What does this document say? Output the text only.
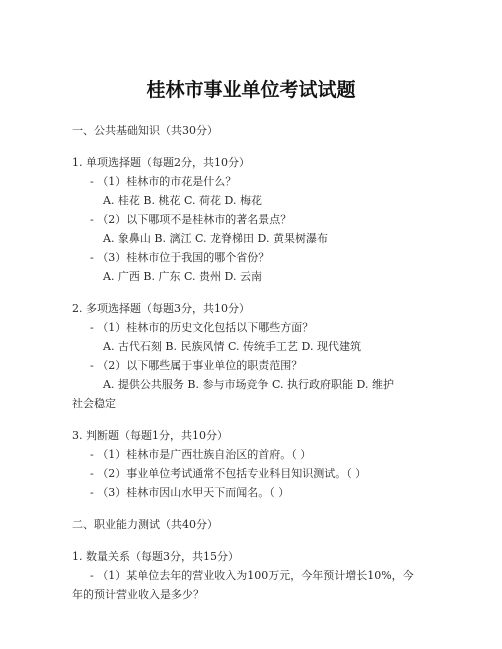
桂林市事业单位考试试题
一、公共基础知识（共30分）
1. 单项选择题（每题2分，共10分）
- （1）桂林市的市花是什么？
A. 桂花 B. 桃花 C. 荷花 D. 梅花
- （2）以下哪项不是桂林市的著名景点？
A. 象鼻山 B. 漓江 C. 龙脊梯田 D. 黄果树瀑布
- （3）桂林市位于我国的哪个省份？
A. 广西 B. 广东 C. 贵州 D. 云南
2. 多项选择题（每题3分，共10分）
- （1）桂林市的历史文化包括以下哪些方面？
A. 古代石刻 B. 民族风情 C. 传统手工艺 D. 现代建筑
- （2）以下哪些属于事业单位的职责范围？
A. 提供公共服务 B. 参与市场竞争 C. 执行政府职能 D. 维护
社会稳定
3. 判断题（每题1分，共10分）
- （1）桂林市是广西壮族自治区的首府。（ ）
- （2）事业单位考试通常不包括专业科目知识测试。（ ）
- （3）桂林市因山水甲天下而闻名。（ ）
二、职业能力测试（共40分）
1. 数量关系（每题3分，共15分）
- （1）某单位去年的营业收入为100万元，今年预计增长10%，今
年的预计营业收入是多少？
